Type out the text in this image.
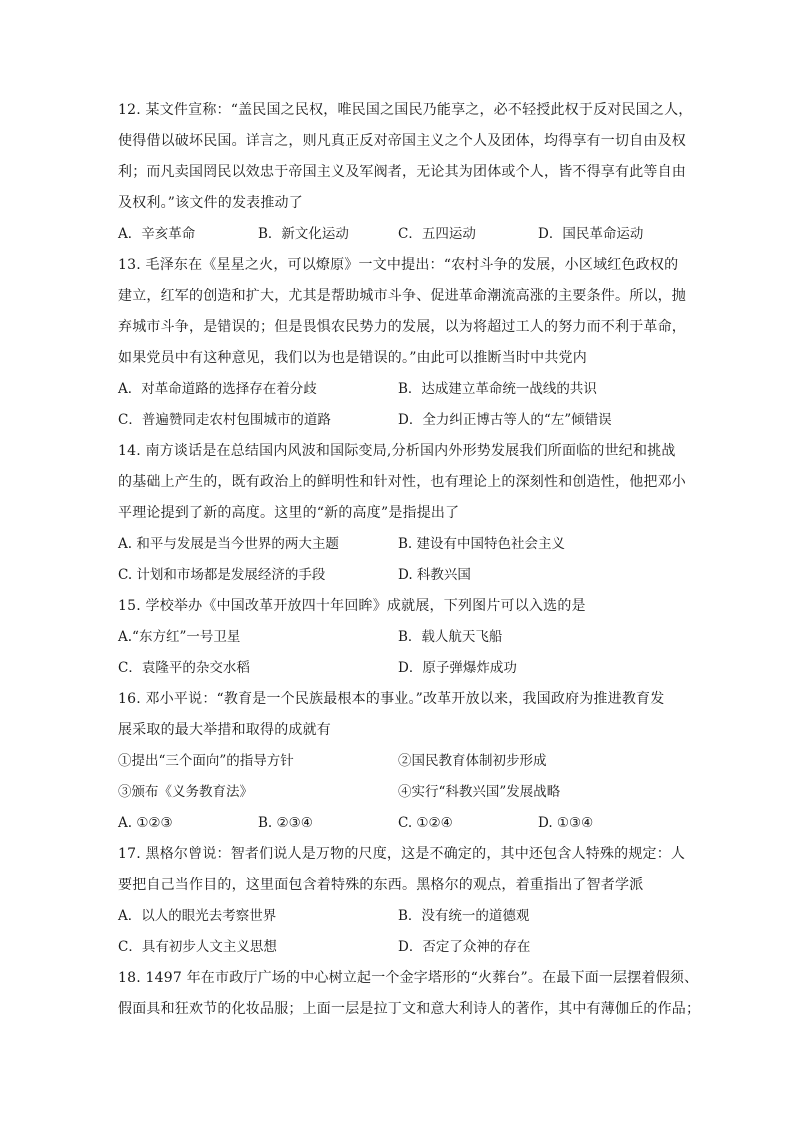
12. 某文件宣称：“盖民国之民权，唯民国之国民乃能享之，必不轻授此权于反对民国之人，
使得借以破坏民国。详言之，则凡真正反对帝国主义之个人及团体，均得享有一切自由及权
利；而凡卖国罔民以效忠于帝国主义及军阀者，无论其为团体或个人，皆不得享有此等自由
及权利。”该文件的发表推动了
A．辛亥革命	B．新文化运动	C．五四运动	D．国民革命运动
13. 毛泽东在《星星之火，可以燎原》一文中提出：“农村斗争的发展，小区域红色政权的
建立，红军的创造和扩大，尤其是帮助城市斗争、促进革命潮流高涨的主要条件。所以，抛
弃城市斗争，是错误的；但是畏惧农民势力的发展，以为将超过工人的努力而不利于革命，
如果党员中有这种意见，我们以为也是错误的。”由此可以推断当时中共党内
A．对革命道路的选择存在着分歧	B．达成建立革命统一战线的共识
C．普遍赞同走农村包围城市的道路	D．全力纠正博古等人的“左”倾错误
14. 南方谈话是在总结国内风波和国际变局,分析国内外形势发展我们所面临的世纪和挑战
的基础上产生的，既有政治上的鲜明性和针对性，也有理论上的深刻性和创造性，他把邓小
平理论提到了新的高度。这里的“新的高度”是指提出了
A. 和平与发展是当今世界的两大主题	B. 建设有中国特色社会主义
C. 计划和市场都是发展经济的手段	D. 科教兴国
15. 学校举办《中国改革开放四十年回眸》成就展，下列图片可以入选的是
A.“东方红”一号卫星	B．载人航天飞船
C．袁隆平的杂交水稻	D．原子弹爆炸成功
16. 邓小平说：“教育是一个民族最根本的事业。”改革开放以来，我国政府为推进教育发
展采取的最大举措和取得的成就有
①提出“三个面向”的指导方针	②国民教育体制初步形成
③颁布《义务教育法》	④实行“科教兴国”发展战略
A. ①②③	B. ②③④	C. ①②④	D. ①③④
17. 黑格尔曾说：智者们说人是万物的尺度，这是不确定的，其中还包含人特殊的规定：人
要把自己当作目的，这里面包含着特殊的东西。黑格尔的观点，着重指出了智者学派
A．以人的眼光去考察世界	B．没有统一的道德观
C．具有初步人文主义思想	D．否定了众神的存在
18. 1497 年在市政厅广场的中心树立起一个金字塔形的“火葬台”。在最下面一层摆着假须、
假面具和狂欢节的化妆品服；上面一层是拉丁文和意大利诗人的著作，其中有薄伽丘的作品；
